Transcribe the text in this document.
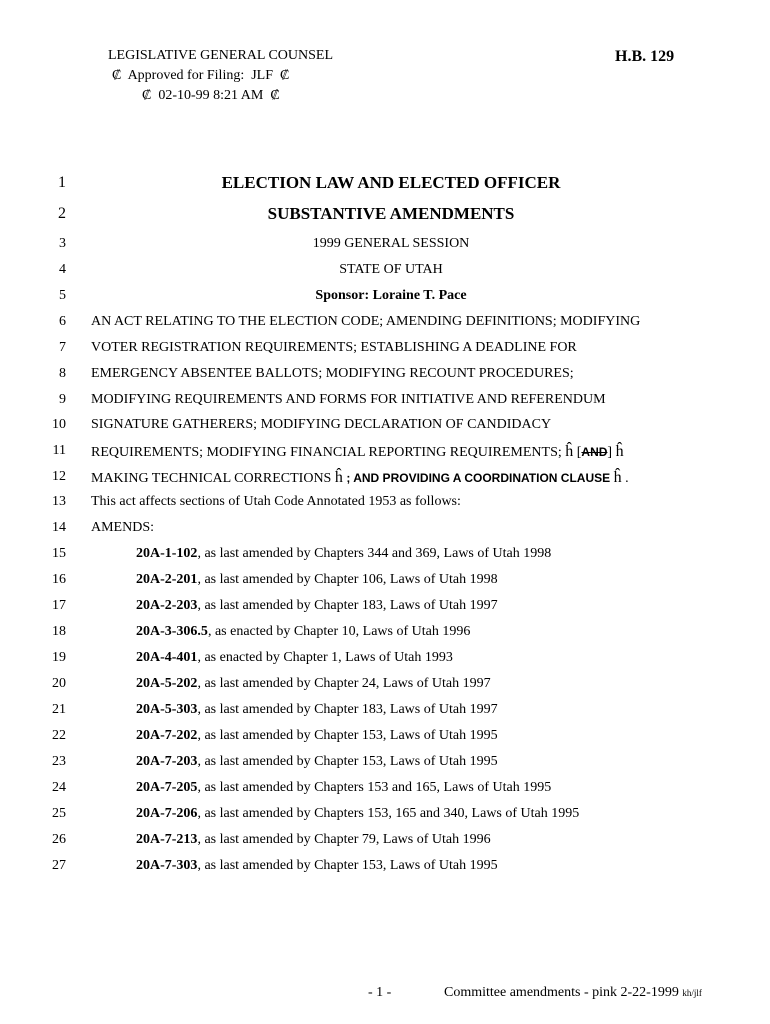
LEGISLATIVE GENERAL COUNSEL
₡  Approved for Filing:  JLF  ₡
₡  02-10-99 8:21 AM  ₡
H.B. 129
1	ELECTION LAW AND ELECTED OFFICER
2	SUBSTANTIVE AMENDMENTS
3	1999 GENERAL SESSION
4	STATE OF UTAH
5	Sponsor: Loraine T. Pace
6 AN ACT RELATING TO THE ELECTION CODE; AMENDING DEFINITIONS; MODIFYING
7 VOTER REGISTRATION REQUIREMENTS; ESTABLISHING A DEADLINE FOR
8 EMERGENCY ABSENTEE BALLOTS; MODIFYING RECOUNT PROCEDURES;
9 MODIFYING REQUIREMENTS AND FORMS FOR INITIATIVE AND REFERENDUM
10 SIGNATURE GATHERERS; MODIFYING DECLARATION OF CANDIDACY
11 REQUIREMENTS; MODIFYING FINANCIAL REPORTING REQUIREMENTS; ĥ [AND] ĥ
12 MAKING TECHNICAL CORRECTIONS ĥ ; AND PROVIDING A COORDINATION CLAUSE ĥ .
13 This act affects sections of Utah Code Annotated 1953 as follows:
14 AMENDS:
15	20A-1-102, as last amended by Chapters 344 and 369, Laws of Utah 1998
16	20A-2-201, as last amended by Chapter 106, Laws of Utah 1998
17	20A-2-203, as last amended by Chapter 183, Laws of Utah 1997
18	20A-3-306.5, as enacted by Chapter 10, Laws of Utah 1996
19	20A-4-401, as enacted by Chapter 1, Laws of Utah 1993
20	20A-5-202, as last amended by Chapter 24, Laws of Utah 1997
21	20A-5-303, as last amended by Chapter 183, Laws of Utah 1997
22	20A-7-202, as last amended by Chapter 153, Laws of Utah 1995
23	20A-7-203, as last amended by Chapter 153, Laws of Utah 1995
24	20A-7-205, as last amended by Chapters 153 and 165, Laws of Utah 1995
25	20A-7-206, as last amended by Chapters 153, 165 and 340, Laws of Utah 1995
26	20A-7-213, as last amended by Chapter 79, Laws of Utah 1996
27	20A-7-303, as last amended by Chapter 153, Laws of Utah 1995
- 1 -	Committee amendments - pink 2-22-1999 kh/jlf
